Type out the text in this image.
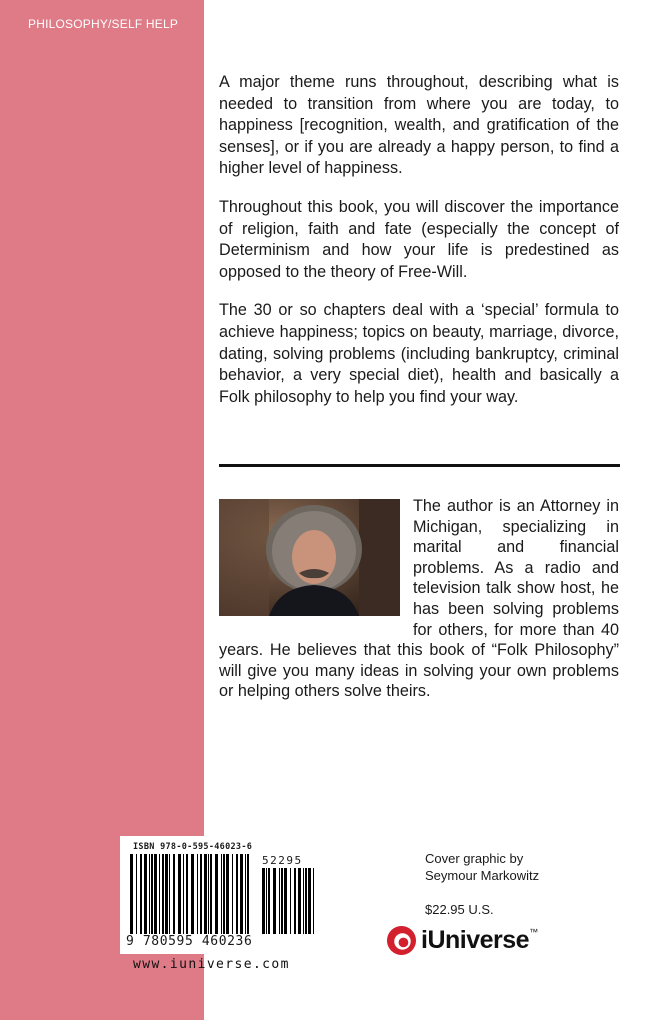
PHILOSOPHY/SELF HELP

A major theme runs throughout, describing what is needed to transition from where you are today, to happiness [recognition, wealth, and gratification of the senses], or if you are already a happy person, to find a higher level of happiness.

Throughout this book, you will discover the importance of religion, faith and fate (especially the concept of Determinism and how your life is predestined as opposed to the theory of Free-Will.

The 30 or so chapters deal with a ‘special’ formula to achieve happiness; topics on beauty, marriage, divorce, dating, solving problems (including bankruptcy, criminal behavior, a very special diet), health and basically a Folk philosophy to help you find your way.

The author is an Attorney in Michigan, specializing in marital and financial problems. As a radio and television talk show host, he has been solving problems for others, for more than 40 years. He believes that this book of “Folk Philosophy” will give you many ideas in solving your own problems or helping others solve theirs.
ISBN 978-0-595-46023-6
52295
9 780595 460236
www.iuniverse.com
Cover graphic by
Seymour Markowitz
$22.95 U.S.
iUniverse ™
